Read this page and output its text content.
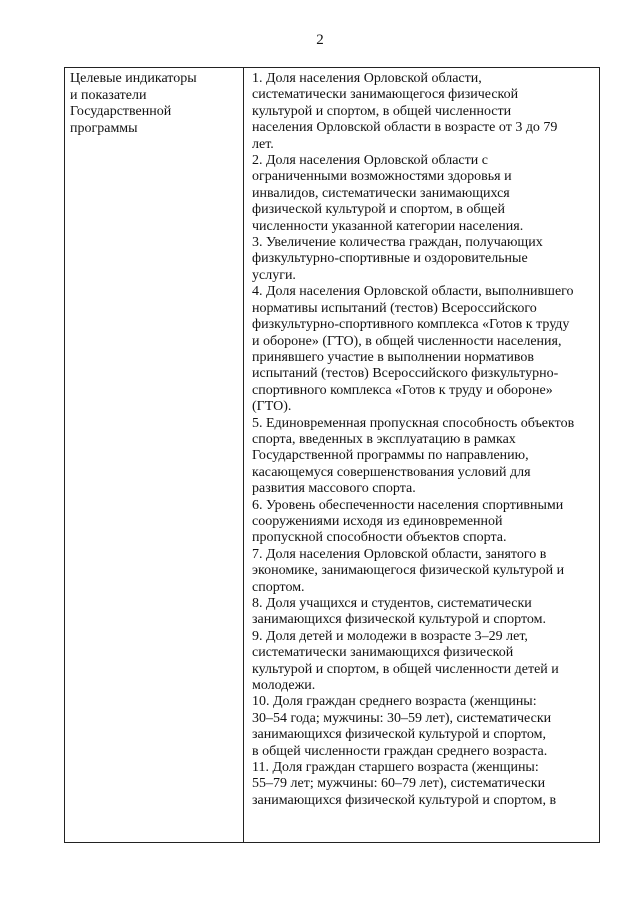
2
Целевые индикаторы
и показатели
Государственной
программы

1. Доля населения Орловской области,
систематически занимающегося физической
культурой и спортом, в общей численности
населения Орловской области в возрасте от 3 до 79
лет.

2. Доля населения Орловской области с
ограниченными возможностями здоровья и
инвалидов, систематически занимающихся
физической культурой и спортом, в общей
численности указанной категории населения.

3. Увеличение количества граждан, получающих
физкультурно-спортивные и оздоровительные
услуги.

4. Доля населения Орловской области, выполнившего
нормативы испытаний (тестов) Всероссийского
физкультурно-спортивного комплекса «Готов к труду
и обороне» (ГТО), в общей численности населения,
принявшего участие в выполнении нормативов
испытаний (тестов) Всероссийского физкультурно-
спортивного комплекса «Готов к труду и обороне»
(ГТО).

5. Единовременная пропускная способность объектов
спорта, введенных в эксплуатацию в рамках
Государственной программы по направлению,
касающемуся совершенствования условий для
развития массового спорта.

6. Уровень обеспеченности населения спортивными
сооружениями исходя из единовременной
пропускной способности объектов спорта.

7. Доля населения Орловской области, занятого в
экономике, занимающегося физической культурой и
спортом.

8. Доля учащихся и студентов, систематически
занимающихся физической культурой и спортом.

9. Доля детей и молодежи в возрасте 3–29 лет,
систематически занимающихся физической
культурой и спортом, в общей численности детей и
молодежи.

10. Доля граждан среднего возраста (женщины:
30–54 года; мужчины: 30–59 лет), систематически
занимающихся физической культурой и спортом,
в общей численности граждан среднего возраста.

11. Доля граждан старшего возраста (женщины:
55–79 лет; мужчины: 60–79 лет), систематически
занимающихся физической культурой и спортом, в
